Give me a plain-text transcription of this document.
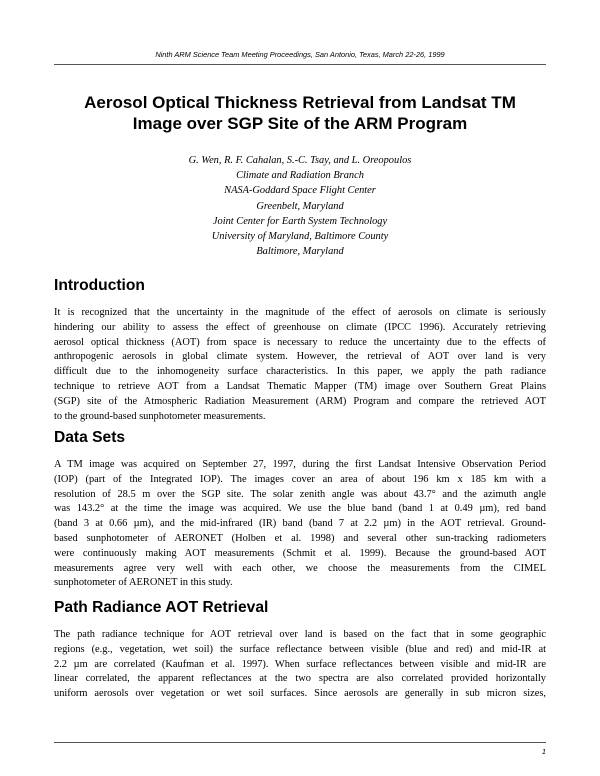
Ninth ARM Science Team Meeting Proceedings, San Antonio, Texas, March 22-26, 1999
Aerosol Optical Thickness Retrieval from Landsat TM
Image over SGP Site of the ARM Program
G. Wen, R. F. Cahalan, S.-C. Tsay, and L. Oreopoulos
Climate and Radiation Branch
NASA-Goddard Space Flight Center
Greenbelt, Maryland
Joint Center for Earth System Technology
University of Maryland, Baltimore County
Baltimore, Maryland
Introduction
It is recognized that the uncertainty in the magnitude of the effect of aerosols on climate is seriously
hindering our ability to assess the effect of greenhouse on climate (IPCC 1996). Accurately retrieving
aerosol optical thickness (AOT) from space is necessary to reduce the uncertainty due to the effects of
anthropogenic aerosols in global climate system. However, the retrieval of AOT over land is very
difficult due to the inhomogeneity surface characteristics. In this paper, we apply the path radiance
technique to retrieve AOT from a Landsat Thematic Mapper (TM) image over Southern Great Plains
(SGP) site of the Atmospheric Radiation Measurement (ARM) Program and compare the retrieved AOT
to the ground-based sunphotometer measurements.
Data Sets
A TM image was acquired on September 27, 1997, during the first Landsat Intensive Observation Period
(IOP) (part of the Integrated IOP). The images cover an area of about 196 km x 185 km with a
resolution of 28.5 m over the SGP site. The solar zenith angle was about 43.7° and the azimuth angle
was 143.2° at the time the image was acquired. We use the blue band (band 1 at 0.49 µm), red band
(band 3 at 0.66 µm), and the mid-infrared (IR) band (band 7 at 2.2 µm) in the AOT retrieval. Ground-
based sunphotometer of AERONET (Holben et al. 1998) and several other sun-tracking radiometers
were continuously making AOT measurements (Schmit et al. 1999). Because the ground-based AOT
measurements agree very well with each other, we choose the measurements from the CIMEL
sunphotometer of AERONET in this study.
Path Radiance AOT Retrieval
The path radiance technique for AOT retrieval over land is based on the fact that in some geographic
regions (e.g., vegetation, wet soil) the surface reflectance between visible (blue and red) and mid-IR at
2.2 µm are correlated (Kaufman et al. 1997). When surface reflectances between visible and mid-IR are
linear correlated, the apparent reflectances at the two spectra are also correlated provided horizontally
uniform aerosols over vegetation or wet soil surfaces. Since aerosols are generally in sub micron sizes,
1
